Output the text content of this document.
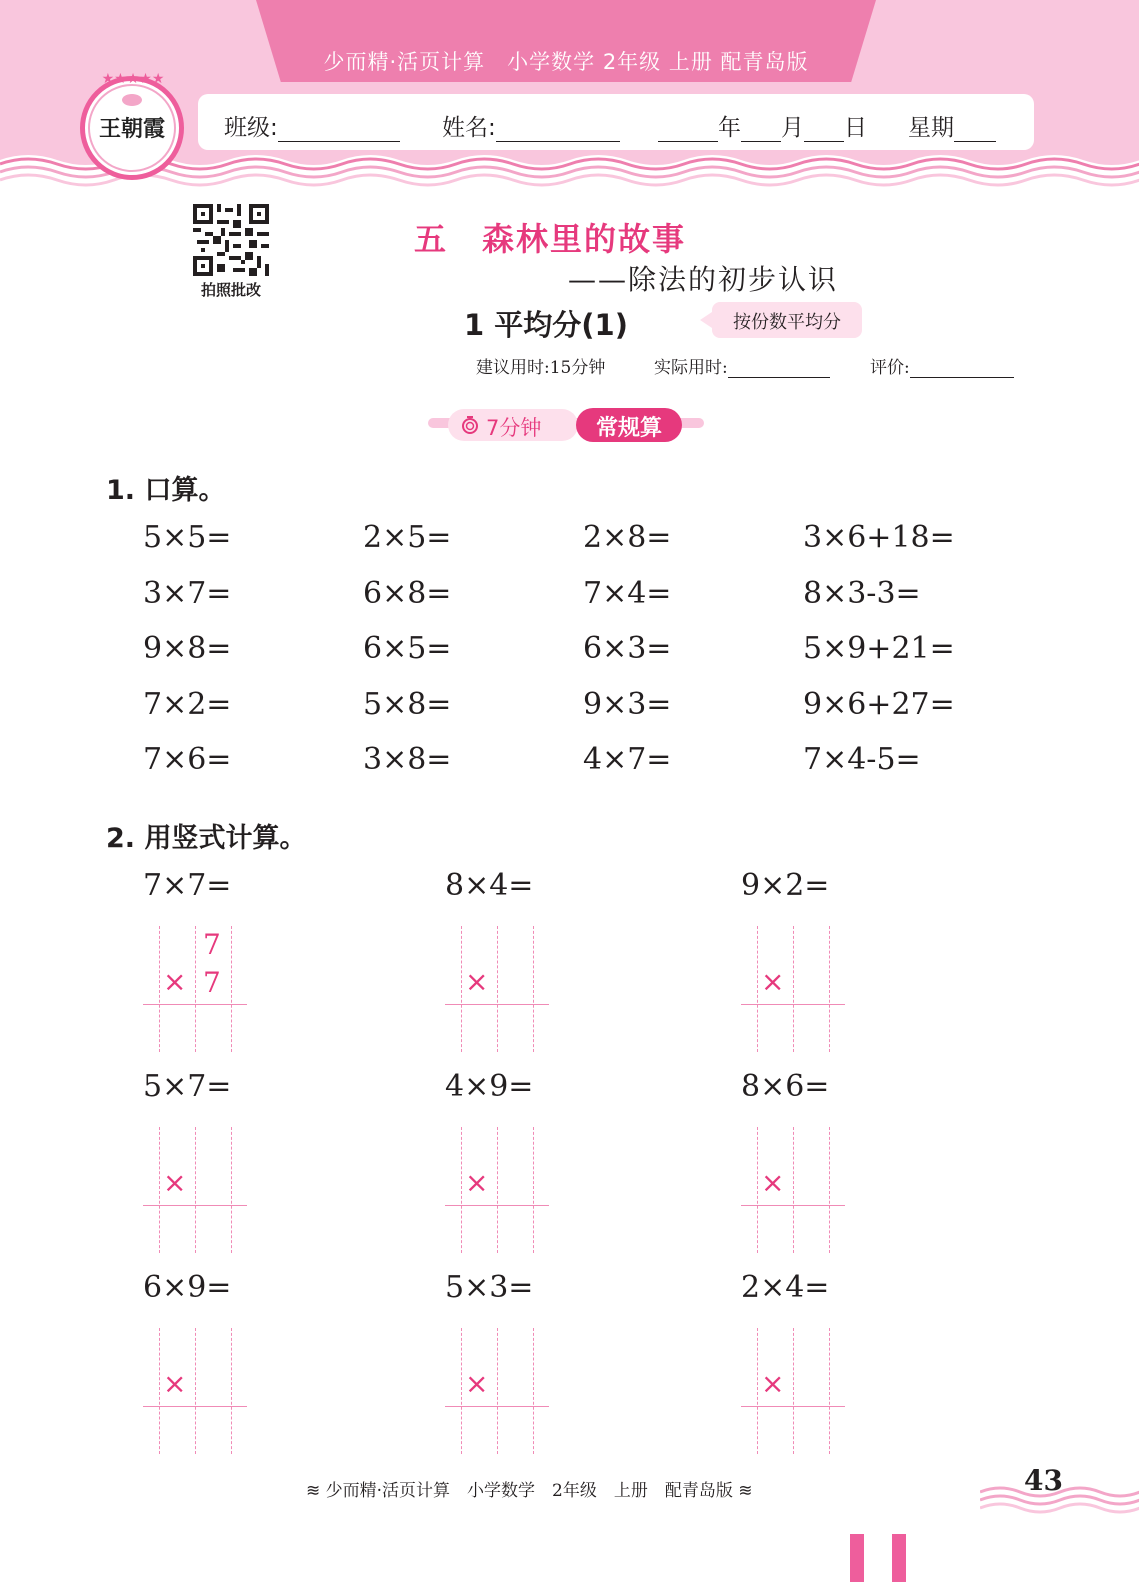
少而精·活页计算　小学数学 2年级 上册 配青岛版
班级:	姓名:	年 月 日 星期
★★★★★
王朝霞
拍照批改
五　森林里的故事
——除法的初步认识
1 平均分(1)	按份数平均分
建议用时:15分钟	实际用时:	评价:
7分钟	常规算
1. 口算。
5×5=	2×5=	2×8=	3×6+18=
3×7=	6×8=	7×4=	8×3-3=
9×8=	6×5=	6×3=	5×9+21=
7×2=	5×8=	9×3=	9×6+27=
7×6=	3×8=	4×7=	7×4-5=
2. 用竖式计算。
7×7=
×
7
7
8×4=
×
9×2=
×
5×7=
×
4×9=
×
8×6=
×
6×9=
×
5×3=
×
2×4=
×
≋ 少而精·活页计算　小学数学　2年级　上册　配青岛版 ≋	43
